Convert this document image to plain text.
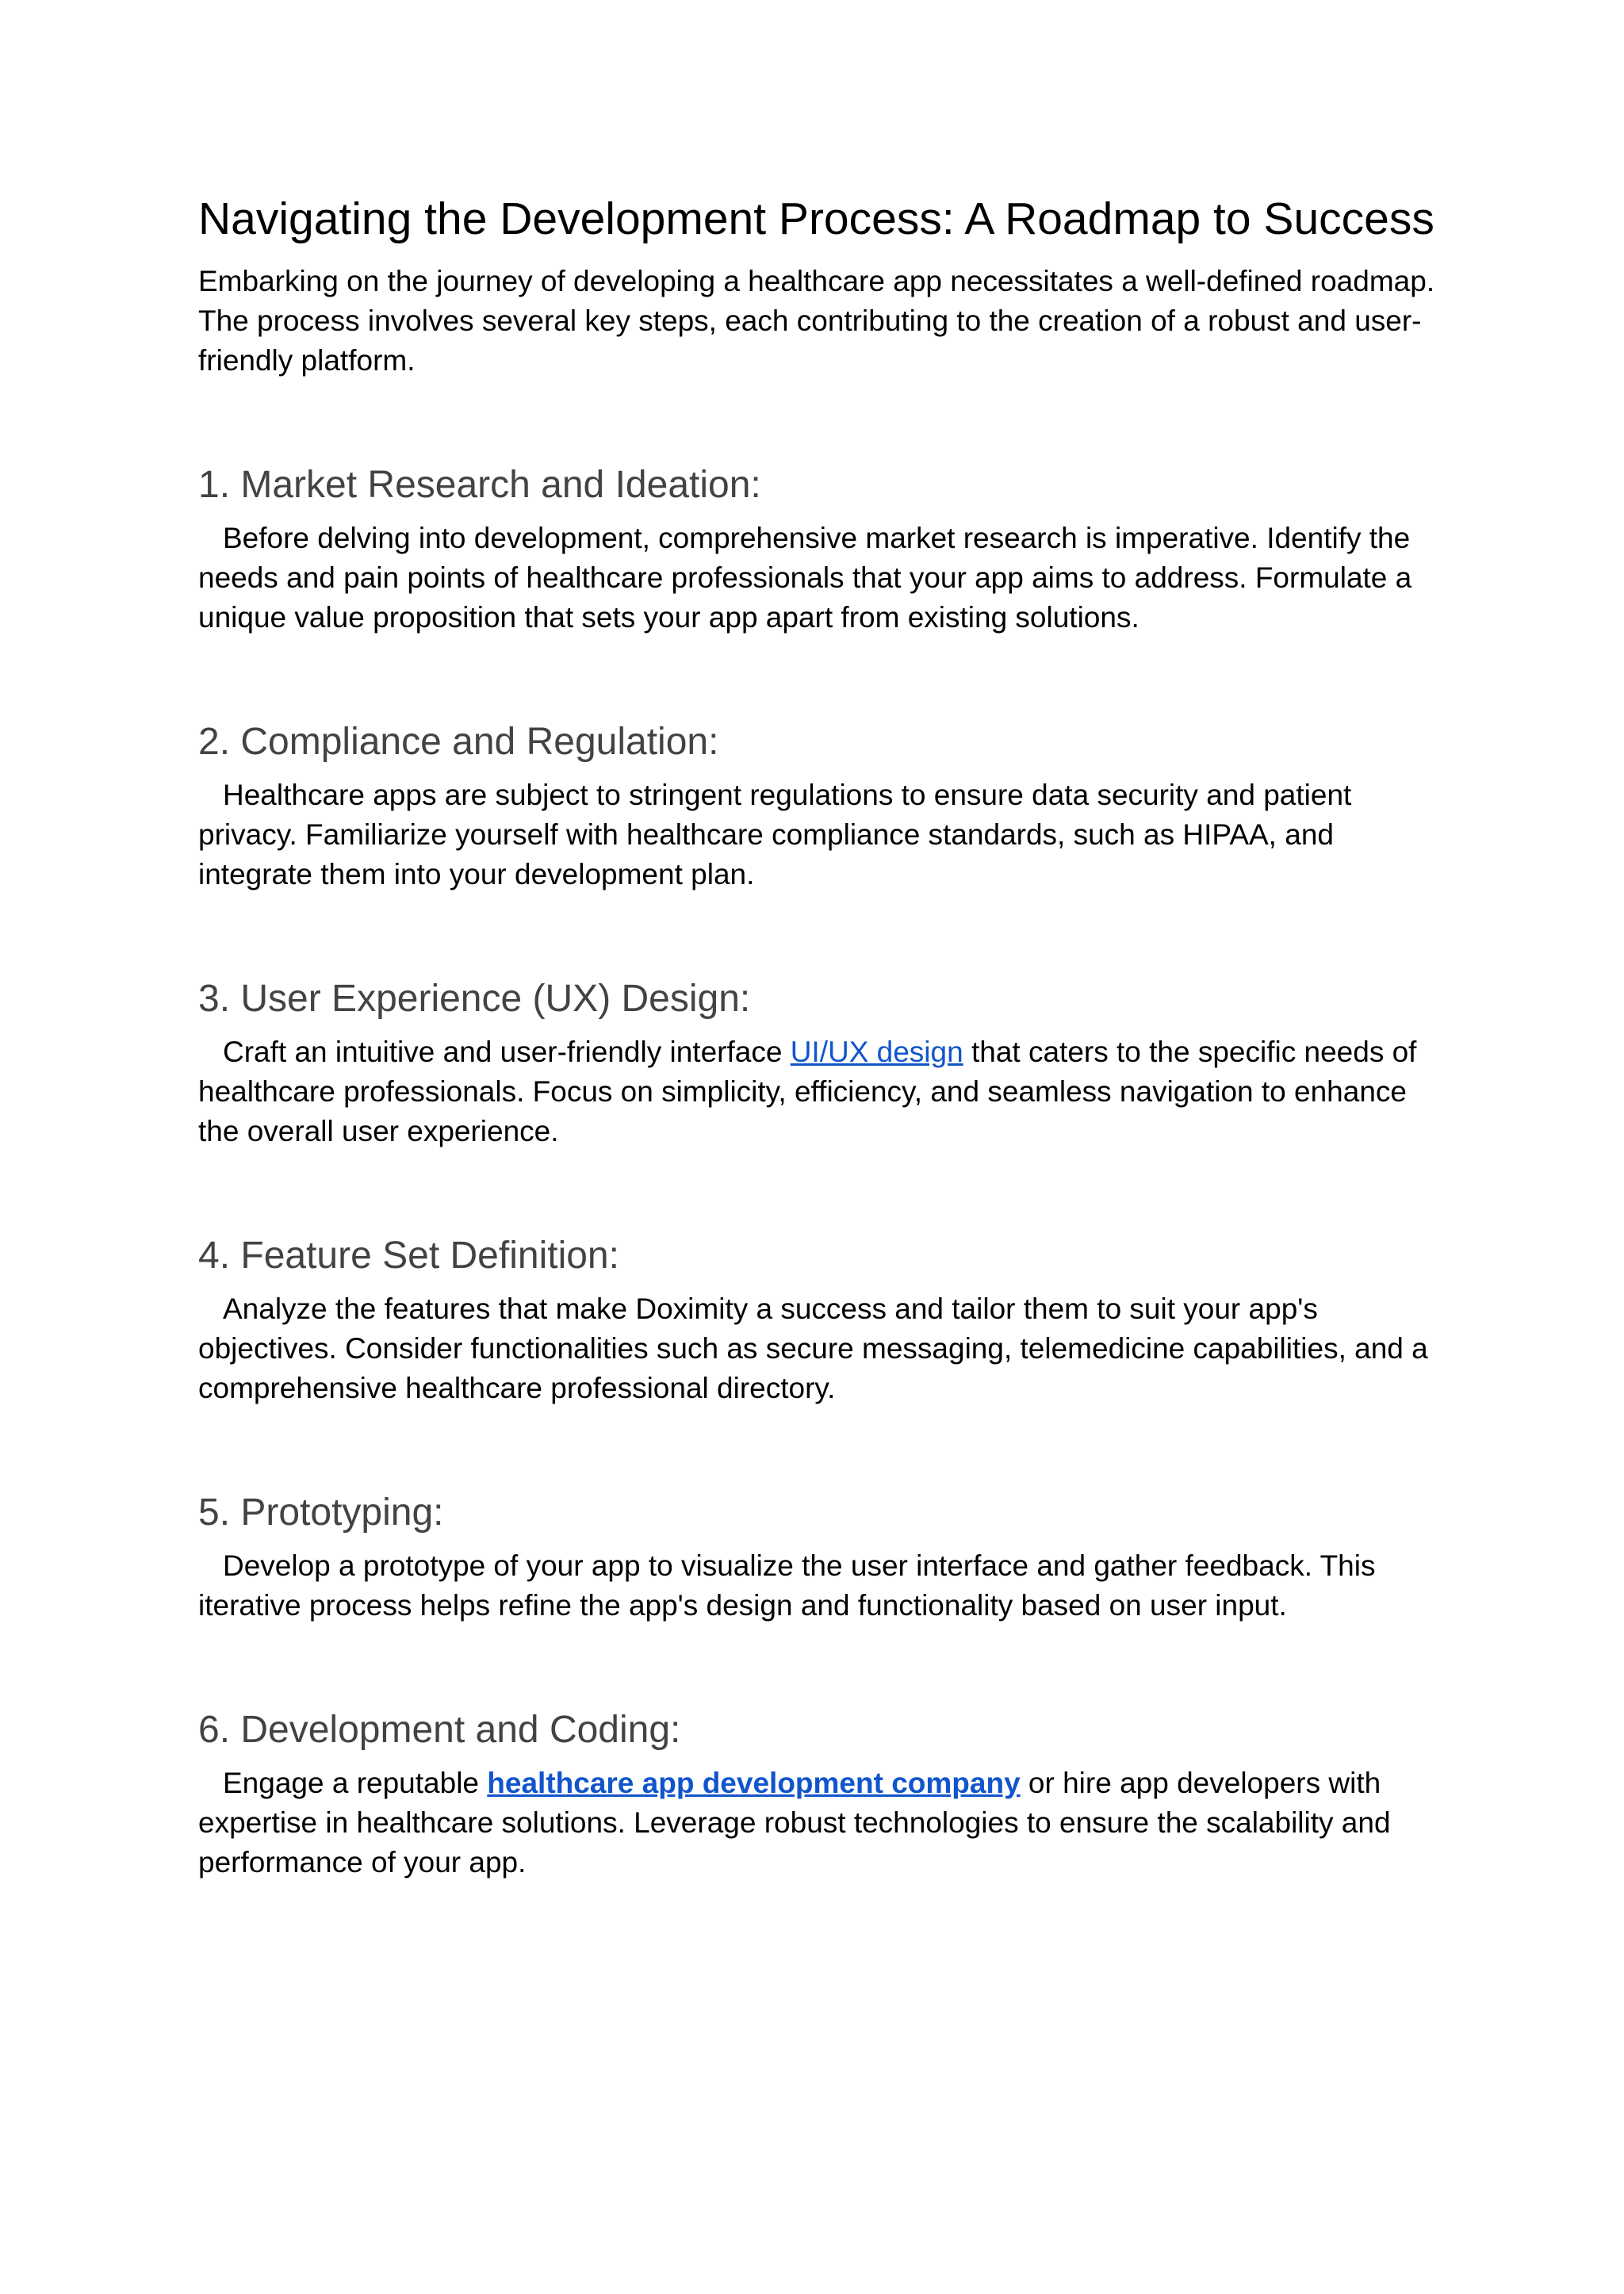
Navigating the Development Process: A Roadmap to Success

Embarking on the journey of developing a healthcare app necessitates a well-defined roadmap. The process involves several key steps, each contributing to the creation of a robust and user-friendly platform.

1. Market Research and Ideation:

Before delving into development, comprehensive market research is imperative. Identify the needs and pain points of healthcare professionals that your app aims to address. Formulate a unique value proposition that sets your app apart from existing solutions.

2. Compliance and Regulation:

Healthcare apps are subject to stringent regulations to ensure data security and patient privacy. Familiarize yourself with healthcare compliance standards, such as HIPAA, and integrate them into your development plan.

3. User Experience (UX) Design:

Craft an intuitive and user-friendly interface UI/UX design that caters to the specific needs of healthcare professionals. Focus on simplicity, efficiency, and seamless navigation to enhance the overall user experience.

4. Feature Set Definition:

Analyze the features that make Doximity a success and tailor them to suit your app's objectives. Consider functionalities such as secure messaging, telemedicine capabilities, and a comprehensive healthcare professional directory.

5. Prototyping:

Develop a prototype of your app to visualize the user interface and gather feedback. This iterative process helps refine the app's design and functionality based on user input.

6. Development and Coding:

Engage a reputable healthcare app development company or hire app developers with expertise in healthcare solutions. Leverage robust technologies to ensure the scalability and performance of your app.
